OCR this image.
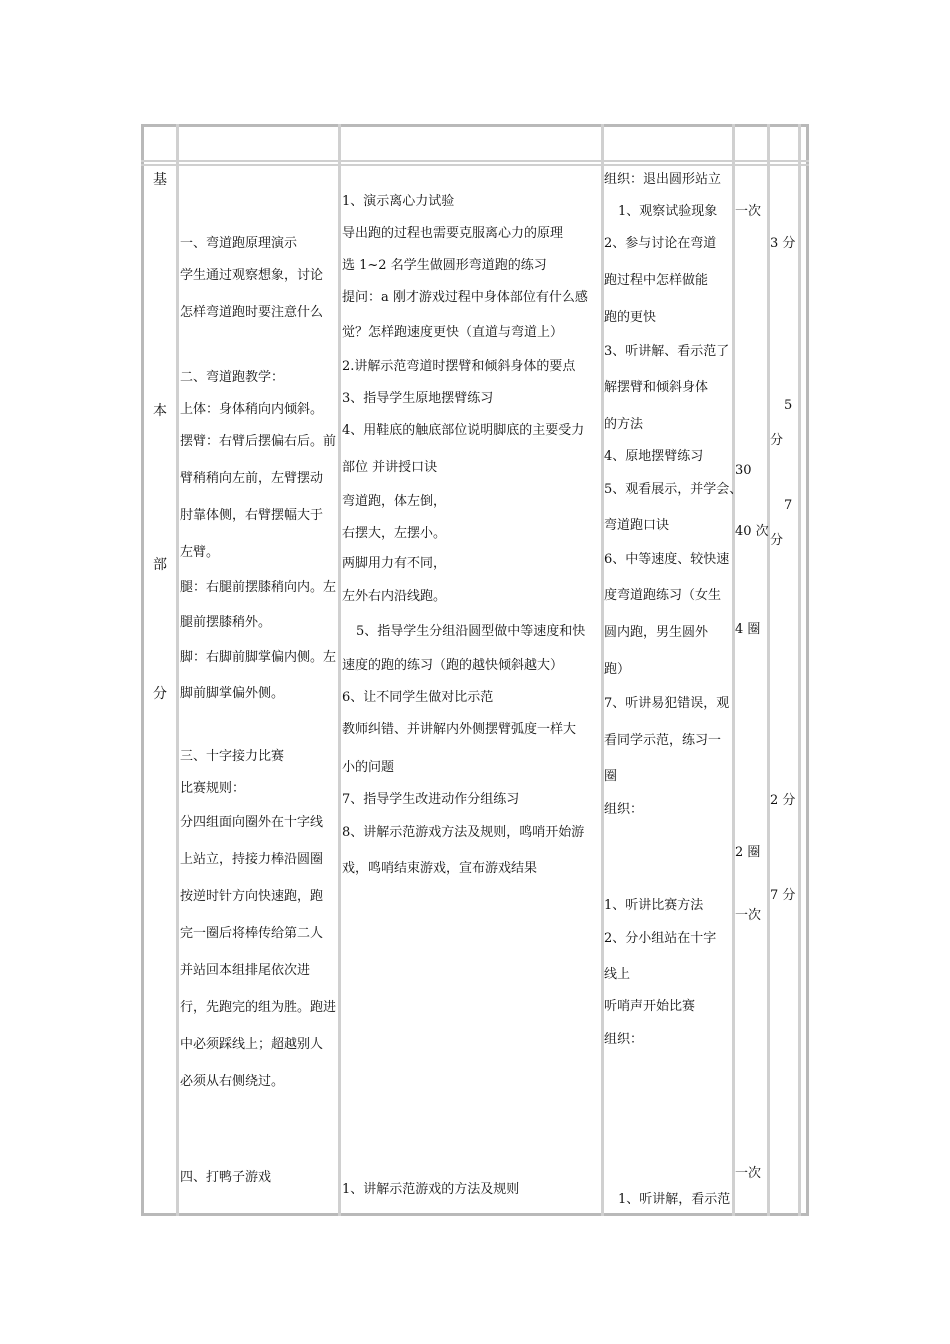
基
本
部
分
一、弯道跑原理演示
学生通过观察想象，讨论
怎样弯道跑时要注意什么
二、弯道跑教学：
上体：身体稍向内倾斜。
摆臂：右臂后摆偏右后。前
臂稍稍向左前，左臂摆动
肘靠体侧，右臂摆幅大于
左臂。
腿：右腿前摆膝稍向内。左
腿前摆膝稍外。
脚：右脚前脚掌偏内侧。左
脚前脚掌偏外侧。
三、十字接力比赛
比赛规则：
分四组面向圈外在十字线
上站立，持接力棒沿圆圈
按逆时针方向快速跑，跑
完一圈后将棒传给第二人
并站回本组排尾依次进
行，先跑完的组为胜。跑进
中必须踩线上；超越别人
必须从右侧绕过。
四、打鸭子游戏
1、演示离心力试验
导出跑的过程也需要克服离心力的原理
选 1~2 名学生做圆形弯道跑的练习
提问：a 刚才游戏过程中身体部位有什么感
觉？怎样跑速度更快（直道与弯道上）
2.讲解示范弯道时摆臂和倾斜身体的要点
3、指导学生原地摆臂练习
4、用鞋底的触底部位说明脚底的主要受力
部位 并讲授口诀
弯道跑，体左倒，
右摆大，左摆小。
两脚用力有不同，
左外右内沿线跑。
5、指导学生分组沿圆型做中等速度和快
速度的跑的练习（跑的越快倾斜越大）
6、让不同学生做对比示范
教师纠错、并讲解内外侧摆臂弧度一样大
小的问题
7、指导学生改进动作分组练习
8、讲解示范游戏方法及规则，鸣哨开始游
戏，鸣哨结束游戏，宣布游戏结果
1、讲解示范游戏的方法及规则
组织：退出圆形站立
1、观察试验现象
2、参与讨论在弯道
跑过程中怎样做能
跑的更快
3、听讲解、看示范了
解摆臂和倾斜身体
的方法
4、原地摆臂练习
5、观看展示，并学会、
弯道跑口诀
6、中等速度、较快速
度弯道跑练习（女生
圆内跑，男生圆外
跑）
7、听讲易犯错误，观
看同学示范，练习一
圈
组织：
1、听讲比赛方法
2、分小组站在十字
线上
听哨声开始比赛
组织：
1、听讲解，看示范
一次
30
40 次
4 圈
2 圈
一次
一次
3 分
5
分
7
分
2 分
7 分
